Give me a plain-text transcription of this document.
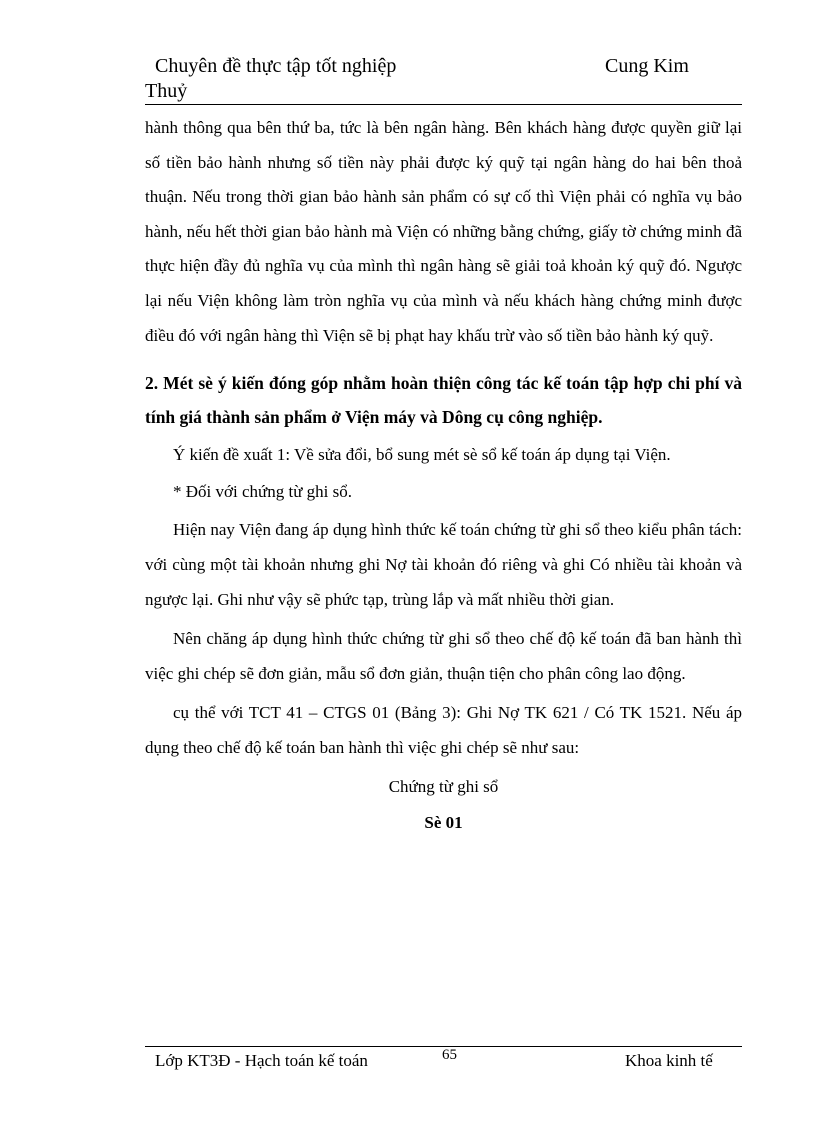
Chuyên đề thực tập tốt nghiệp	Cung Kim
Thuỷ

hành thông qua bên thứ ba, tức là bên ngân hàng. Bên khách hàng được quyền giữ lại số tiền bảo hành nhưng số tiền này phải được ký quỹ tại ngân hàng do hai bên thoả thuận. Nếu trong thời gian bảo hành sản phẩm có sự cố thì Viện phải có nghĩa vụ bảo hành, nếu hết thời gian bảo hành mà Viện có những bằng chứng, giấy tờ chứng minh đã thực hiện đầy đủ nghĩa vụ của mình thì ngân hàng sẽ giải toả khoản ký quỹ đó. Ngược lại nếu Viện không làm tròn nghĩa vụ của mình và nếu khách hàng chứng minh được điều đó với ngân hàng thì Viện sẽ bị phạt hay khấu trừ vào số tiền bảo hành ký quỹ.

2. Mét sè ý kiến đóng góp nhằm hoàn thiện công tác kế toán tập hợp chi phí và tính giá thành sản phẩm ở Viện máy và Dông cụ công nghiệp.

Ý kiến đề xuất 1: Về sửa đổi, bổ sung mét sè sổ kế toán áp dụng tại Viện.

* Đối với chứng từ ghi sổ.

Hiện nay Viện đang áp dụng hình thức kế toán chứng từ ghi sổ theo kiểu phân tách: với cùng một tài khoản nhưng ghi Nợ tài khoản đó riêng và ghi Có nhiều tài khoản và ngược lại. Ghi như vậy sẽ phức tạp, trùng lắp và mất nhiều thời gian.

Nên chăng áp dụng hình thức chứng từ ghi sổ theo chế độ kế toán đã ban hành thì việc ghi chép sẽ đơn giản, mẫu sổ đơn giản, thuận tiện cho phân công lao động.

cụ thể với TCT 41 – CTGS 01 (Bảng 3): Ghi Nợ TK 621 / Có TK 1521. Nếu áp dụng theo chế độ kế toán ban hành thì việc ghi chép sẽ như sau:

Chứng từ ghi sổ

Sè 01

Lớp KT3Đ - Hạch toán kế toán	65	Khoa kinh tế
